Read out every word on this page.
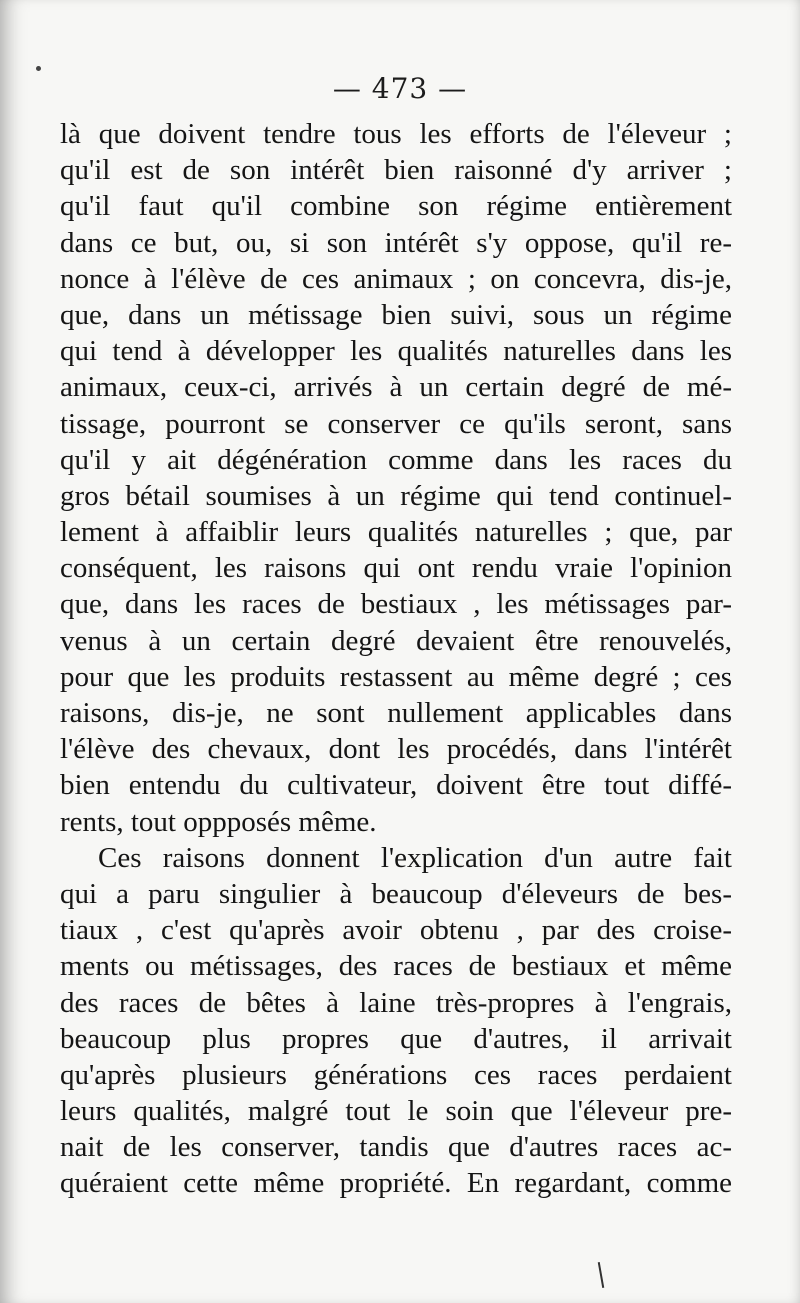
— 473 —
là que doivent tendre tous les efforts de l'éleveur ;
qu'il est de son intérêt bien raisonné d'y arriver ;
qu'il faut qu'il combine son régime entièrement
dans ce but, ou, si son intérêt s'y oppose, qu'il re-
nonce à l'élève de ces animaux ; on concevra, dis-je,
que, dans un métissage bien suivi, sous un régime
qui tend à développer les qualités naturelles dans les
animaux, ceux-ci, arrivés à un certain degré de mé-
tissage, pourront se conserver ce qu'ils seront, sans
qu'il y ait dégénération comme dans les races du
gros bétail soumises à un régime qui tend continuel-
lement à affaiblir leurs qualités naturelles ; que, par
conséquent, les raisons qui ont rendu vraie l'opinion
que, dans les races de bestiaux , les métissages par-
venus à un certain degré devaient être renouvelés,
pour que les produits restassent au même degré ; ces
raisons, dis-je, ne sont nullement applicables dans
l'élève des chevaux, dont les procédés, dans l'intérêt
bien entendu du cultivateur, doivent être tout diffé-
rents, tout oppposés même.
Ces raisons donnent l'explication d'un autre fait
qui a paru singulier à beaucoup d'éleveurs de bes-
tiaux , c'est qu'après avoir obtenu , par des croise-
ments ou métissages, des races de bestiaux et même
des races de bêtes à laine très-propres à l'engrais,
beaucoup plus propres que d'autres, il arrivait
qu'après plusieurs générations ces races perdaient
leurs qualités, malgré tout le soin que l'éleveur pre-
nait de les conserver, tandis que d'autres races ac-
quéraient cette même propriété. En regardant, comme
